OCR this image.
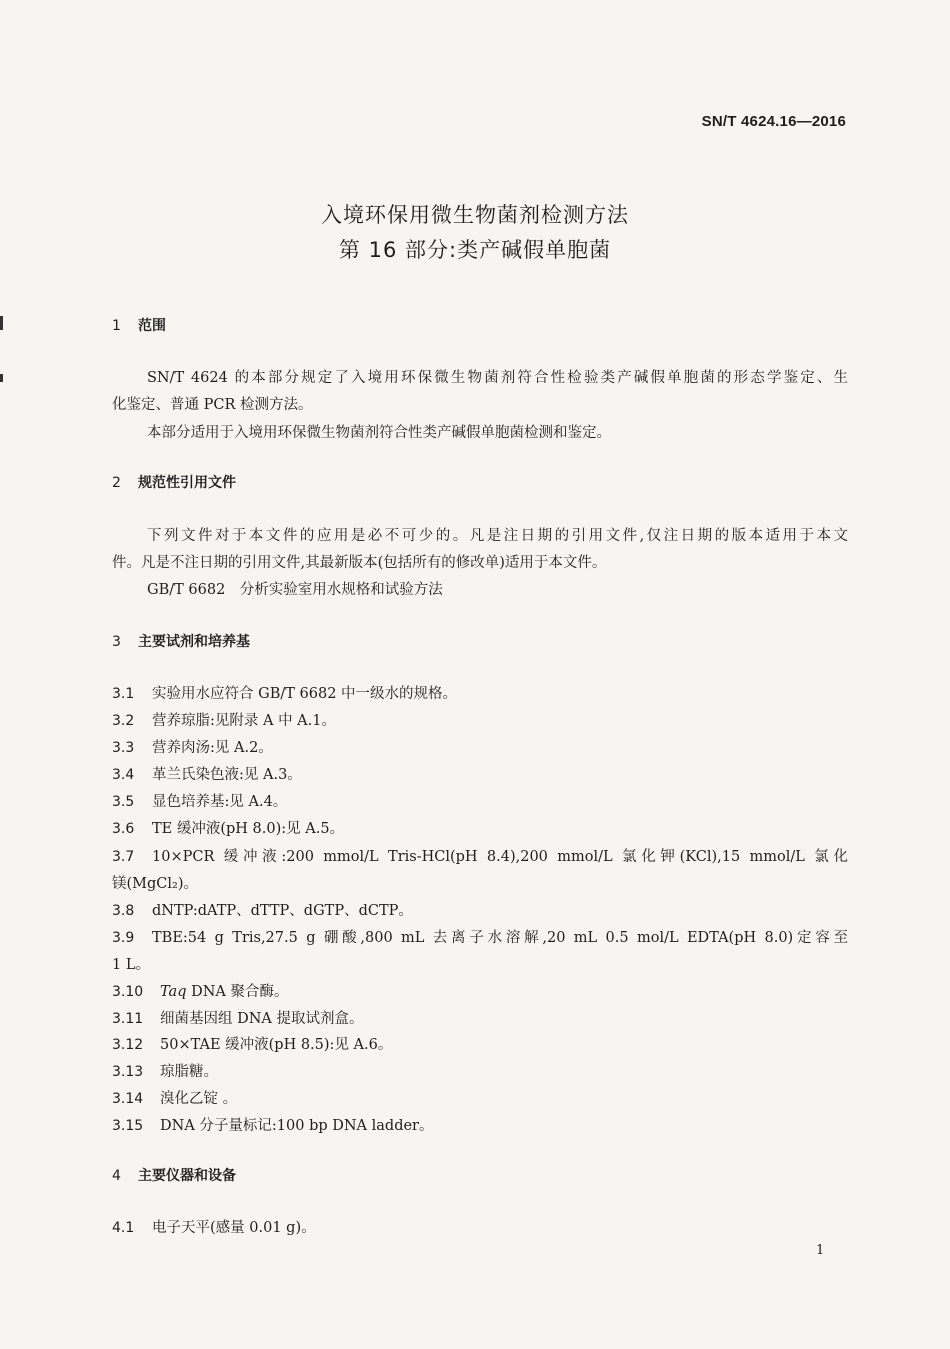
SN/T 4624.16—2016
入境环保用微生物菌剂检测方法
第 16 部分:类产碱假单胞菌
1 范围
SN/T 4624 的本部分规定了入境用环保微生物菌剂符合性检验类产碱假单胞菌的形态学鉴定、生
化鉴定、普通 PCR 检测方法。
本部分适用于入境用环保微生物菌剂符合性类产碱假单胞菌检测和鉴定。
2 规范性引用文件
下列文件对于本文件的应用是必不可少的。凡是注日期的引用文件,仅注日期的版本适用于本文
件。凡是不注日期的引用文件,其最新版本(包括所有的修改单)适用于本文件。
GB/T 6682　分析实验室用水规格和试验方法
3 主要试剂和培养基
3.1 实验用水应符合 GB/T 6682 中一级水的规格。
3.2 营养琼脂:见附录 A 中 A.1。
3.3 营养肉汤:见 A.2。
3.4 革兰氏染色液:见 A.3。
3.5 显色培养基:见 A.4。
3.6 TE 缓冲液(pH 8.0):见 A.5。
3.7 10×PCR 缓冲液:200 mmol/L Tris-HCl(pH 8.4),200 mmol/L 氯化钾(KCl),15 mmol/L 氯化
镁(MgCl₂)。
3.8 dNTP:dATP、dTTP、dGTP、dCTP。
3.9 TBE:54 g Tris,27.5 g 硼酸,800 mL 去离子水溶解,20 mL 0.5 mol/L EDTA(pH 8.0)定容至
1 L。
3.10 Taq DNA 聚合酶。
3.11 细菌基因组 DNA 提取试剂盒。
3.12 50×TAE 缓冲液(pH 8.5):见 A.6。
3.13 琼脂糖。
3.14 溴化乙锭 。
3.15 DNA 分子量标记:100 bp DNA ladder。
4 主要仪器和设备
4.1 电子天平(感量 0.01 g)。
1
